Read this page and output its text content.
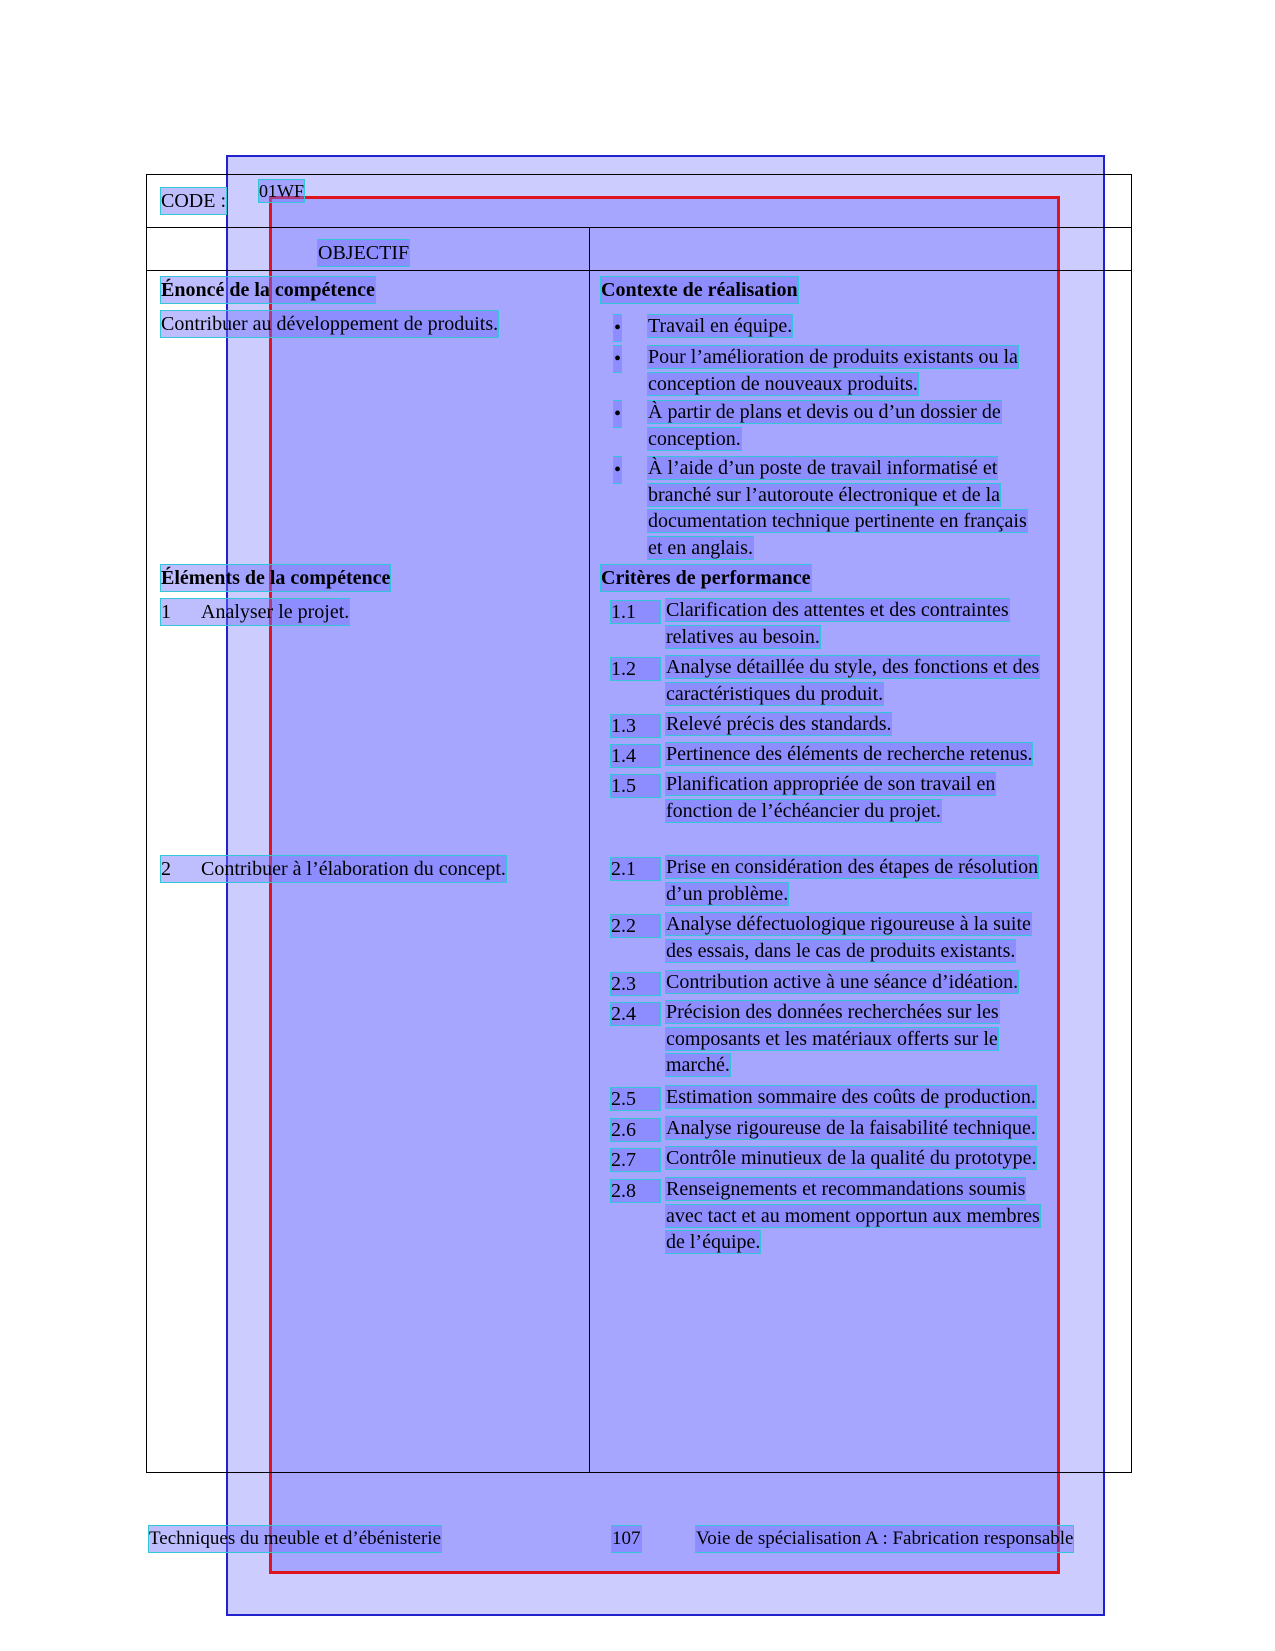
CODE : 01WF
OBJECTIF
Énoncé de la compétence
Contribuer au développement de produits.
Contexte de réalisation
• Travail en équipe.
• Pour l’amélioration de produits existants ou la
conception de nouveaux produits.
• À partir de plans et devis ou d’un dossier de
conception.
• À l’aide d’un poste de travail informatisé et
branché sur l’autoroute électronique et de la
documentation technique pertinente en français
et en anglais.
Éléments de la compétence	Critères de performance
1  Analyser le projet.	1.1	Clarification des attentes et des contraintes
relatives au besoin.
1.2	Analyse détaillée du style, des fonctions et des
caractéristiques du produit.
1.3	Relevé précis des standards.
1.4	Pertinence des éléments de recherche retenus.
1.5	Planification appropriée de son travail en
fonction de l’échéancier du projet.
2  Contribuer à l’élaboration du concept.	2.1	Prise en considération des étapes de résolution
d’un problème.
2.2	Analyse défectuologique rigoureuse à la suite
des essais, dans le cas de produits existants.
2.3	Contribution active à une séance d’idéation.
2.4	Précision des données recherchées sur les
composants et les matériaux offerts sur le
marché.
2.5	Estimation sommaire des coûts de production.
2.6	Analyse rigoureuse de la faisabilité technique.
2.7	Contrôle minutieux de la qualité du prototype.
2.8	Renseignements et recommandations soumis
avec tact et au moment opportun aux membres
de l’équipe.
Techniques du meuble et d’ébénisterie	107	Voie de spécialisation A : Fabrication responsable
